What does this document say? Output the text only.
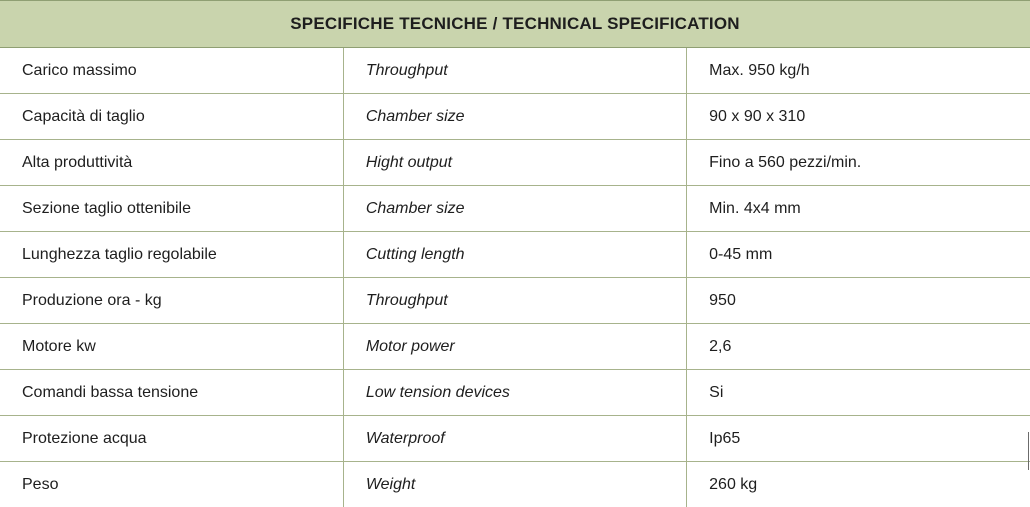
SPECIFICHE TECNICHE / TECHNICAL SPECIFICATION		
Carico massimo	Throughput	Max. 950 kg/h
Capacità di taglio	Chamber size	90 x 90 x 310
Alta produttività	Hight output	Fino a 560 pezzi/min.
Sezione taglio ottenibile	Chamber size	Min. 4x4 mm
Lunghezza taglio regolabile	Cutting length	0-45 mm
Produzione ora - kg	Throughput	950
Motore kw	Motor power	2,6
Comandi bassa tensione	Low tension devices	Si
Protezione acqua	Waterproof	Ip65
Peso	Weight	260 kg
